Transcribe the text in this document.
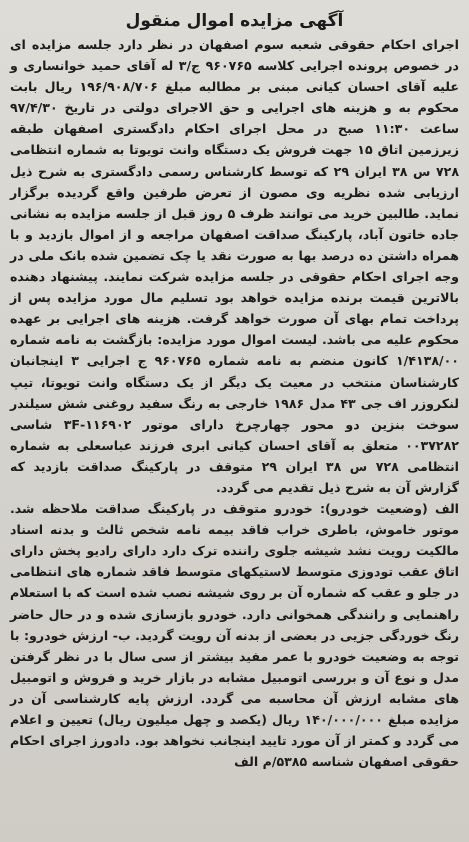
آگهی مزایده اموال منقول

اجرای احکام حقوقی شعبه سوم اصفهان در نظر دارد جلسه مزایده ای در خصوص پرونده اجرایی کلاسه ۹۶۰۷۶۵ ج/۳ له آقای حمید خوانساری و علیه آقای احسان کیانی مبنی بر مطالبه مبلغ ۱۹۶/۹۰۸/۷۰۶ ریال بابت محکوم به و هزینه های اجرایی و حق الاجرای دولتی در تاریخ ۹۷/۴/۳۰ ساعت ۱۱:۳۰ صبح در محل اجرای احکام دادگستری اصفهان طبقه زیرزمین اتاق ۱۵ جهت فروش یک دستگاه وانت تویوتا به شماره انتظامی ۷۲۸ س ۳۸ ایران ۲۹ که توسط کارشناس رسمی دادگستری به شرح ذیل ارزیابی شده نظریه وی مصون از تعرض طرفین واقع گردیده برگزار نماید. طالبین خرید می توانند ظرف ۵ روز قبل از جلسه مزایده به نشانی جاده خاتون آباد، پارکینگ صداقت اصفهان مراجعه و از اموال بازدید و با همراه داشتن ده درصد بها به صورت نقد یا چک تضمین شده بانک ملی در وجه اجرای احکام حقوقی در جلسه مزایده شرکت نمایند. پیشنهاد دهنده بالاترین قیمت برنده مزایده خواهد بود تسلیم مال مورد مزایده پس از پرداخت تمام بهای آن صورت خواهد گرفت. هزینه های اجرایی بر عهده محکوم علیه می باشد. لیست اموال مورد مزایده: بازگشت به نامه شماره ۱/۴۱۳۸/۰۰ کانون منضم به نامه شماره ۹۶۰۷۶۵ ج اجرایی ۳ اینجانبان کارشناسان منتخب در معیت یک دیگر از یک دستگاه وانت تویوتا، تیپ لنکروزر اف جی ۴۳ مدل ۱۹۸۶ خارجی به رنگ سفید روغنی شش سیلندر سوخت بنزین دو محور چهارچرخ دارای موتور ۱۱۶۹۰۲-۳F شاسی ۰۰۳۷۲۸۲ متعلق به آقای احسان کیانی ابری فرزند عباسعلی به شماره انتظامی ۷۲۸ س ۳۸ ایران ۲۹ متوقف در پارکینگ صداقت بازدید که گزارش آن به شرح ذیل تقدیم می گردد.

الف (وضعیت خودرو): خودرو متوقف در پارکینگ صداقت ملاحظه شد. موتور خاموش، باطری خراب فاقد بیمه نامه شخص ثالث و بدنه اسناد مالکیت رویت نشد شیشه جلوی راننده ترک دارد دارای رادیو پخش دارای اتاق عقب تودوزی متوسط لاستیکهای متوسط فاقد شماره های انتظامی در جلو و عقب که شماره آن بر روی شیشه نصب شده است که با استعلام راهنمایی و رانندگی همخوانی دارد. خودرو بازسازی شده و در حال حاضر رنگ خوردگی جزیی در بعضی از بدنه آن رویت گردید. ب- ارزش خودرو: با توجه به وضعیت خودرو با عمر مفید بیشتر از سی سال با در نظر گرفتن مدل و نوع آن و بررسی اتومبیل مشابه در بازار خرید و فروش و اتومبیل های مشابه ارزش آن محاسبه می گردد. ارزش پایه کارشناسی آن در مزایده مبلغ ۱۴۰/۰۰۰/۰۰۰ ریال (یکصد و چهل میلیون ریال) تعیین و اعلام می گردد و کمتر از آن مورد تایید اینجانب نخواهد بود. دادورز اجرای احکام حقوقی اصفهان شناسه ۵۳۸۵/م الف
